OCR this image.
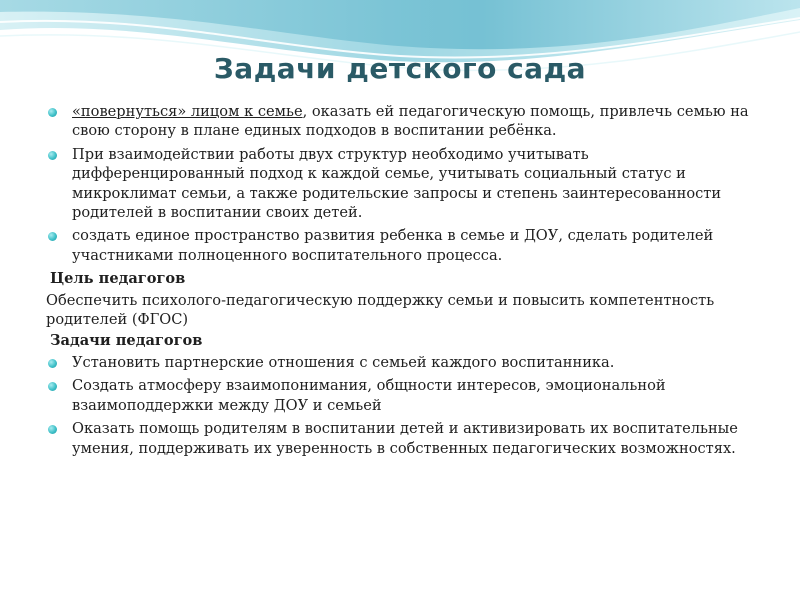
Задачи детского сада
«повернуться» лицом к семье, оказать ей педагогическую помощь, привлечь семью на свою сторону в плане единых подходов в воспитании ребёнка.
При взаимодействии работы двух структур необходимо учитывать дифференцированный подход к каждой семье, учитывать социальный статус и микроклимат семьи, а также родительские запросы и степень заинтересованности родителей в воспитании своих детей.
создать единое пространство развития ребенка в семье и ДОУ, сделать родителей участниками полноценного воспитательного процесса.
Цель педагогов
Обеспечить психолого-педагогическую поддержку семьи и повысить компетентность родителей (ФГОС)
Задачи педагогов
Установить партнерские отношения с семьей каждого воспитанника.
Создать атмосферу взаимопонимания, общности интересов, эмоциональной взаимоподдержки между ДОУ и семьей
Оказать помощь родителям в воспитании детей и активизировать их воспитательные умения, поддерживать их уверенность в собственных педагогических возможностях.
